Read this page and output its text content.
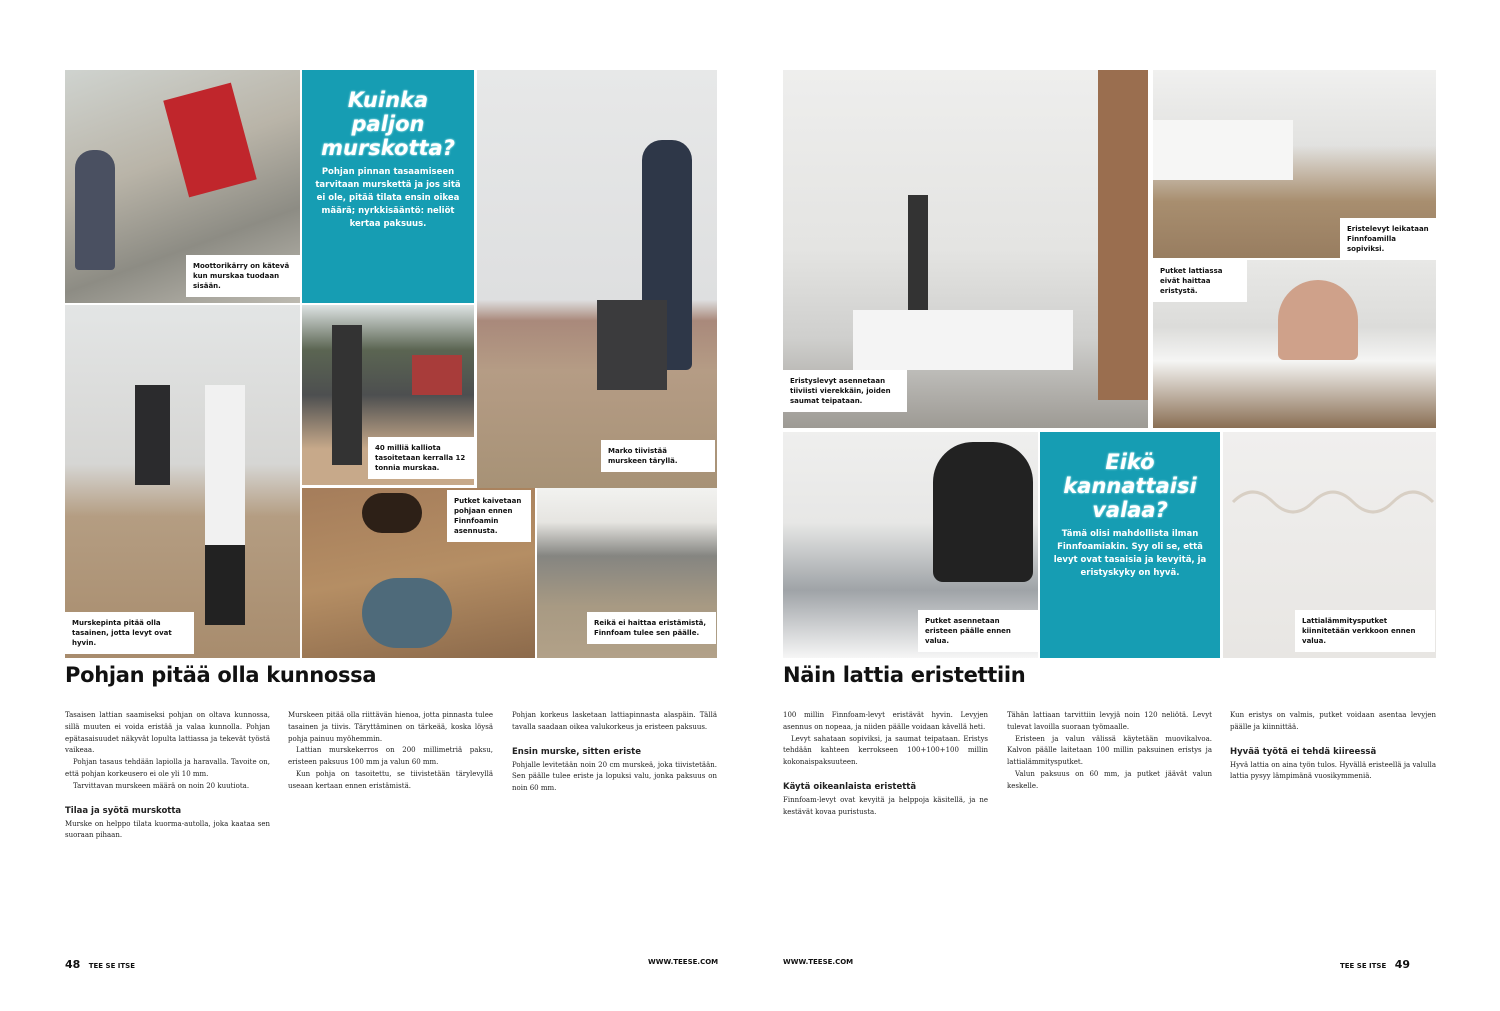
Kuinka paljon murskotta?

Pohjan pinnan tasaamiseen tarvitaan murskettä ja jos sitä ei ole, pitää tilata ensin oikea määrä; nyrkkisääntö: neliöt kertaa paksuus.

Moottorikärry on kätevä kun murskaa tuodaan sisään.
40 milliä kalliota tasoitetaan kerralla 12 tonnia murskaa.
Marko tiivistää murskeen täryllä.
Putket kaivetaan pohjaan ennen Finnfoamin asennusta.
Murskepinta pitää olla tasainen, jotta levyt ovat hyvin.
Reikä ei haittaa eristämistä, Finnfoam tulee sen päälle.
Pohjan pitää olla kunnossa

Tasaisen lattian saamiseksi pohjan on oltava kunnossa, sillä muuten ei voida eristää ja valaa kunnolla. Pohjan epätasaisuudet näkyvät lopulta lattiassa ja tekevät työstä vaikeaa.

Pohjan tasaus tehdään lapiolla ja haravalla. Tavoite on, että pohjan korkeusero ei ole yli 10 mm.

Tarvittavan murskeen määrä on noin 20 kuutiota.

Tilaa ja syötä murskotta

Murske on helppo tilata kuorma-autolla, joka kaataa sen suoraan pihaan.

Murskeen pitää olla riittävän hienoa, jotta pinnasta tulee tasainen ja tiivis. Täryttäminen on tärkeää, koska löysä pohja painuu myöhemmin.

Lattian murskekerros on 200 millimetriä paksu, eristeen paksuus 100 mm ja valun 60 mm.

Kun pohja on tasoitettu, se tiivistetään tärylevyllä useaan kertaan ennen eristämistä.

Pohjan korkeus lasketaan lattiapinnasta alaspäin. Tällä tavalla saadaan oikea valukorkeus ja eristeen paksuus.

Ensin murske, sitten eriste

Pohjalle levitetään noin 20 cm murskeä, joka tiivistetään. Sen päälle tulee eriste ja lopuksi valu, jonka paksuus on noin 60 mm.

48 TEE SE ITSE	WWW.TEESE.COM
Eikö kannattaisi valaa?

Tämä olisi mahdollista ilman Finnfoamiakin. Syy oli se, että levyt ovat tasaisia ja kevyitä, ja eristyskyky on hyvä.

Eristelevyt leikataan Finnfoamilla sopiviksi.
Putket lattiassa eivät haittaa eristystä.
Eristyslevyt asennetaan tiiviisti vierekkäin, joiden saumat teipataan.
Putket asennetaan eristeen päälle ennen valua.
Lattialämmitysputket kiinnitetään verkkoon ennen valua.
Näin lattia eristettiin

100 millin Finnfoam-levyt eristävät hyvin. Levyjen asennus on nopeaa, ja niiden päälle voidaan kävellä heti.

Levyt sahataan sopiviksi, ja saumat teipataan. Eristys tehdään kahteen kerrokseen 100+100+100 millin kokonaispaksuuteen.

Käytä oikeanlaista eristettä

Finnfoam-levyt ovat kevyitä ja helppoja käsitellä, ja ne kestävät kovaa puristusta.

Tähän lattiaan tarvittiin levyjä noin 120 neliötä. Levyt tulevat lavoilla suoraan työmaalle.

Eristeen ja valun välissä käytetään muovikalvoa. Kalvon päälle laitetaan 100 millin paksuinen eristys ja lattialämmitysputket.

Valun paksuus on 60 mm, ja putket jäävät valun keskelle.

Kun eristys on valmis, putket voidaan asentaa levyjen päälle ja kiinnittää.

Hyvää työtä ei tehdä kiireessä

Hyvä lattia on aina työn tulos. Hyvällä eristeellä ja valulla lattia pysyy lämpimänä vuosikymmeniä.

WWW.TEESE.COM	TEE SE ITSE 49
